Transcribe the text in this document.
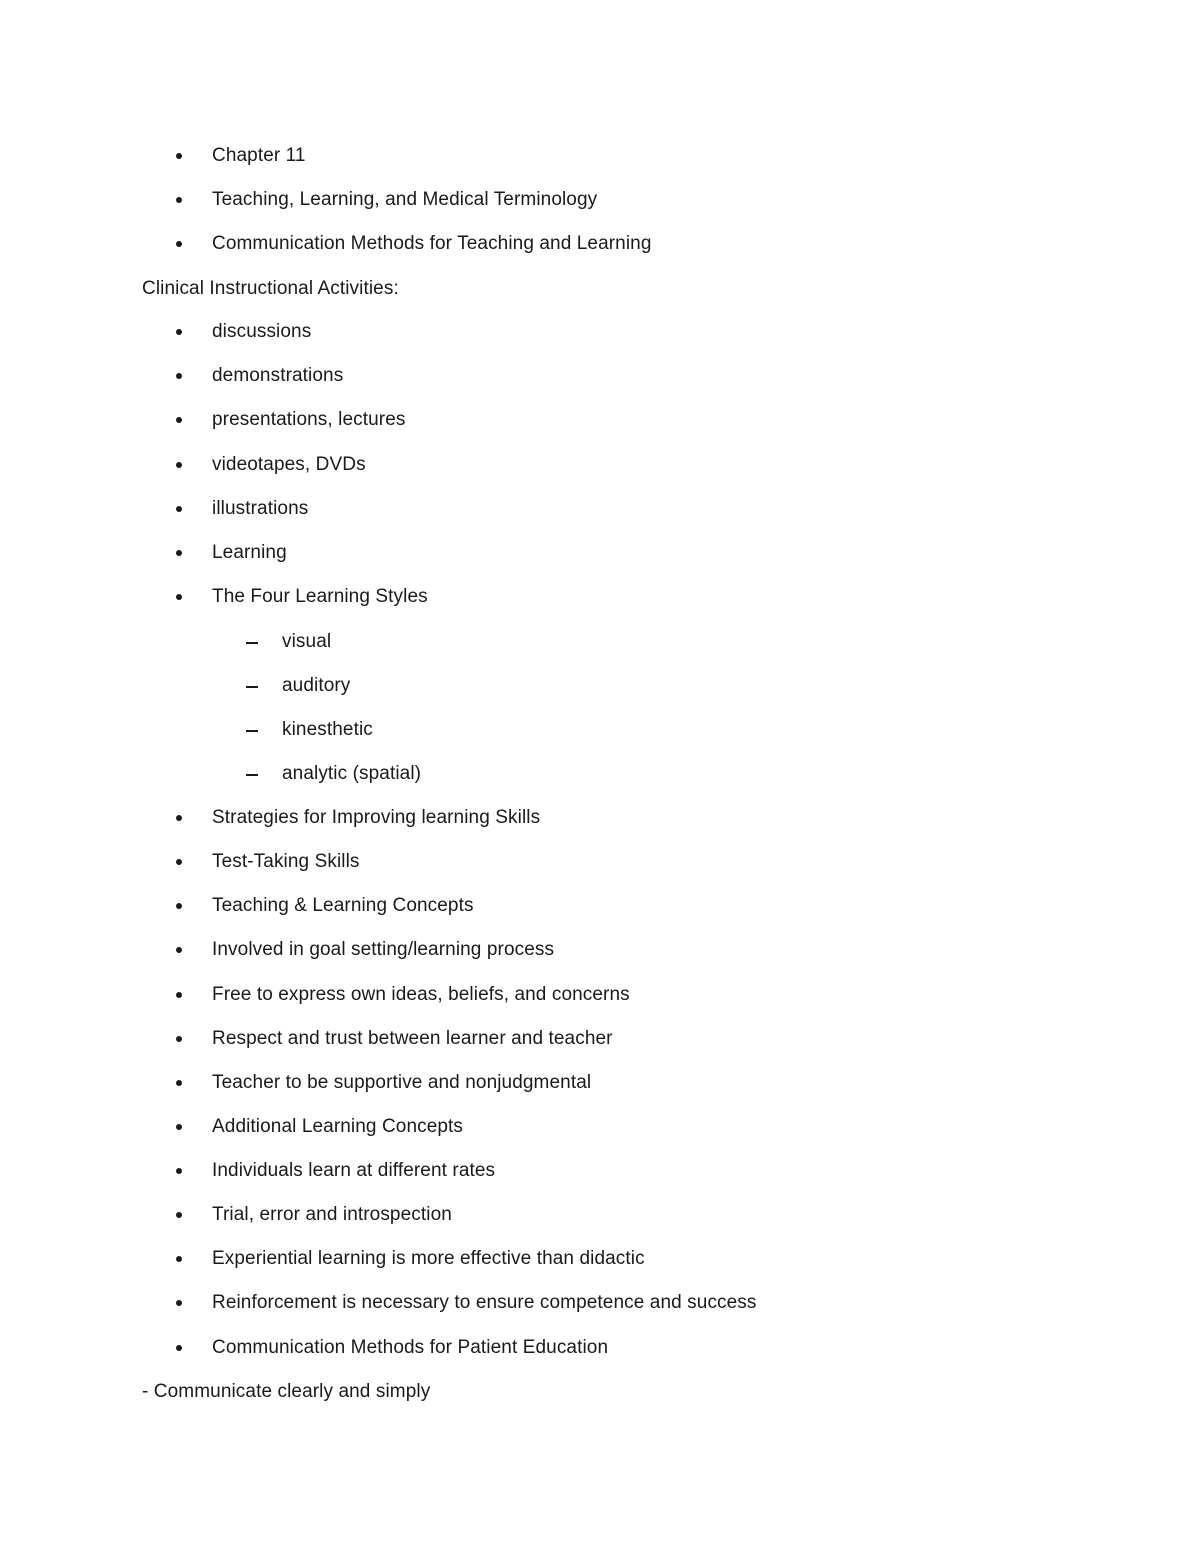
Chapter 11
Teaching, Learning, and Medical Terminology
Communication Methods for Teaching and Learning
Clinical Instructional Activities:
discussions
demonstrations
presentations, lectures
videotapes, DVDs
illustrations
Learning
The Four Learning Styles
visual
auditory
kinesthetic
analytic (spatial)
Strategies for Improving learning Skills
Test-Taking Skills
Teaching & Learning Concepts
Involved in goal setting/learning process
Free to express own ideas, beliefs, and concerns
Respect and trust between learner and teacher
Teacher to be supportive and nonjudgmental
Additional Learning Concepts
Individuals learn at different rates
Trial, error and introspection
Experiential learning is more effective than didactic
Reinforcement is necessary to ensure competence and success
Communication Methods for Patient Education
- Communicate clearly and simply
